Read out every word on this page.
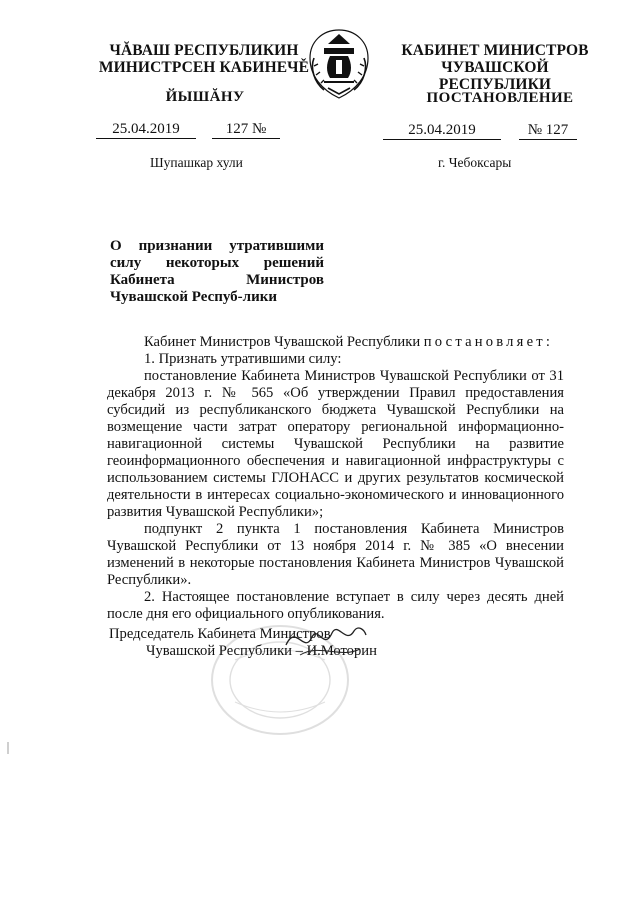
ЧĂВАШ РЕСПУБЛИКИН
МИНИСТРСЕН КАБИНЕЧĚ
КАБИНЕТ МИНИСТРОВ
ЧУВАШСКОЙ РЕСПУБЛИКИ
ЙЫШĂНУ	ПОСТАНОВЛЕНИЕ
25.04.2019	127 №	25.04.2019	№ 127
Шупашкар хули	г. Чебоксары
О признании утратившими силу некоторых решений Кабинета Министров Чувашской Респуб-лики

Кабинет Министров Чувашской Республики постановляет:

1. Признать утратившими силу:

постановление Кабинета Министров Чувашской Республики от 31 декабря 2013 г. № 565 «Об утверждении Правил предоставления субсидий из республиканского бюджета Чувашской Республики на возмещение части затрат оператору региональной информационно-навигационной системы Чувашской Республики на развитие геоинформационного обеспечения и навигационной инфраструктуры с использованием системы ГЛОНАСС и других результатов космической деятельности в интересах социально-экономического и инновационного развития Чувашской Республики»;

подпункт 2 пункта 1 постановления Кабинета Министров Чувашской Республики от 13 ноября 2014 г. № 385 «О внесении изменений в некоторые постановления Кабинета Министров Чувашской Республики».

2. Настоящее постановление вступает в силу через десять дней после дня его официального опубликования.

Председатель Кабинета Министров
Чувашской Республики – И.Моторин
